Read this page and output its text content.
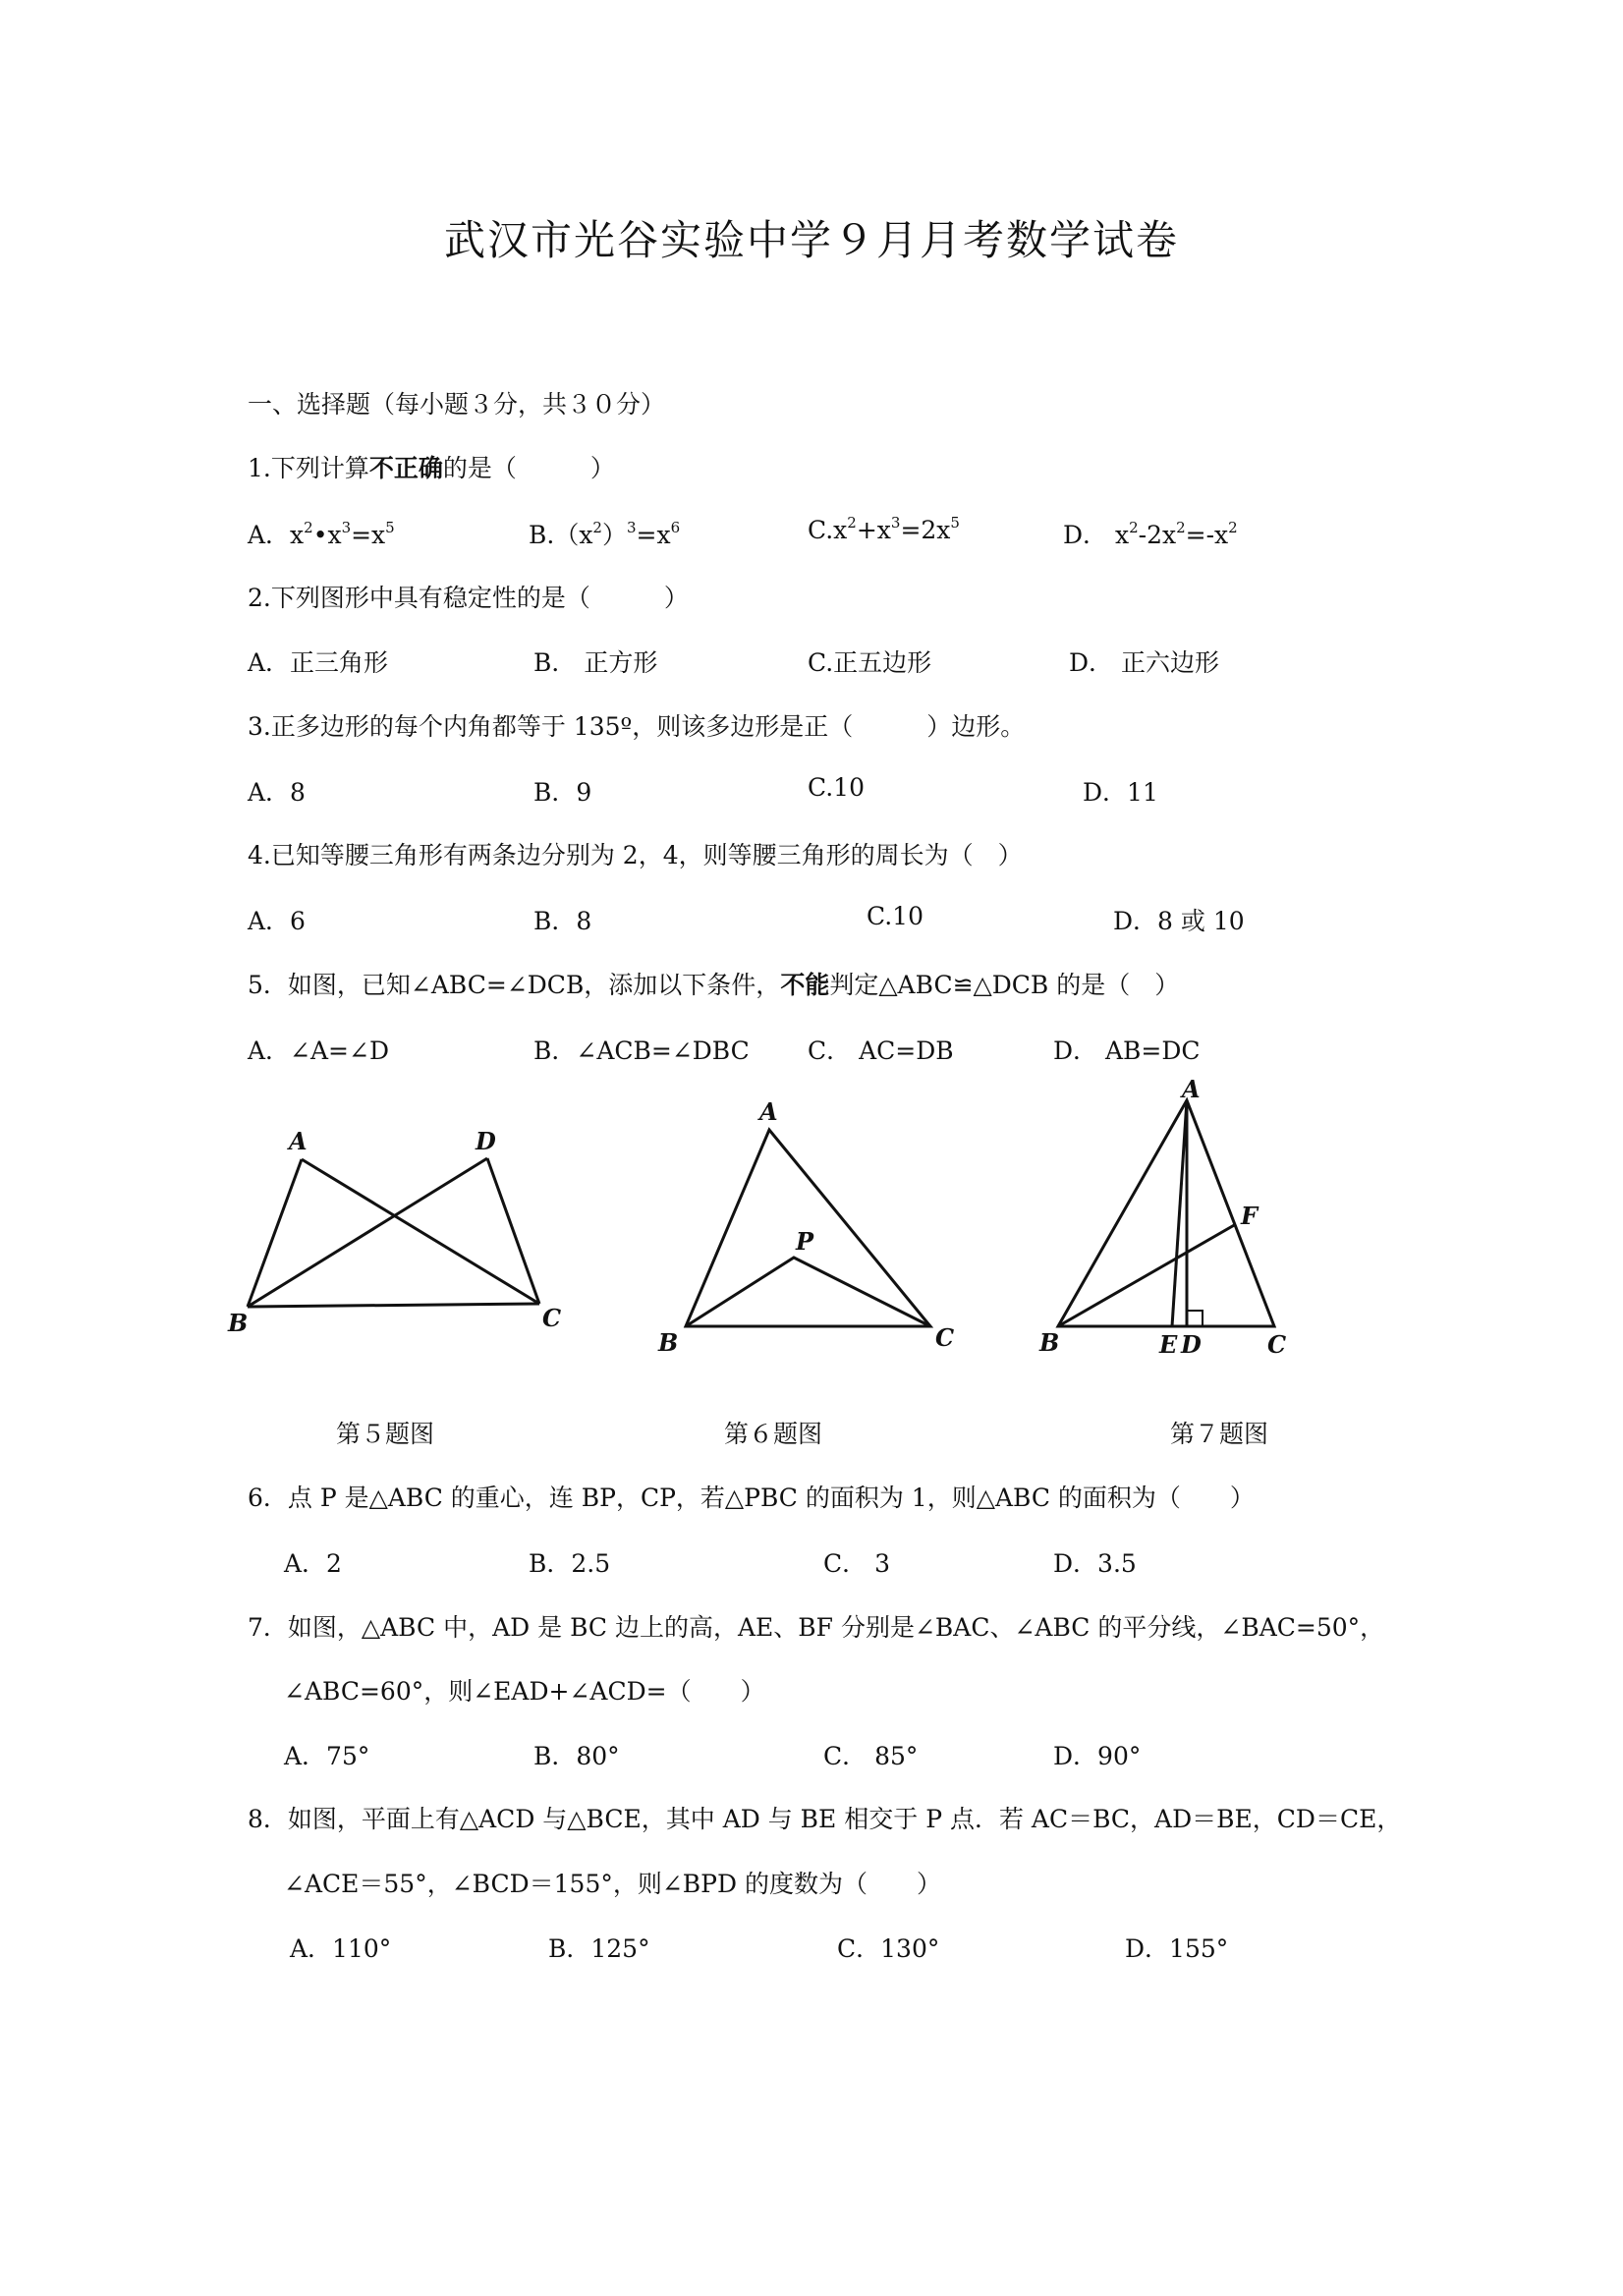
武汉市光谷实验中学９月月考数学试卷
一、选择题（每小题３分，共３０分）
1.下列计算不正确的是（　　　）
A．$x^2•x^3=x^5$	$B.(x^2)^3=x^6$	$C.x^2+x^3=2x^5$	D． $x^2-2x^2=-x^2$
2.下列图形中具有稳定性的是（　　　）
A．正三角形	B． 正方形	C.正五边形	D． 正六边形
3.正多边形的每个内角都等于 135º，则该多边形是正（　　　）边形。
A．8	B．9	C.10	D．11
4.已知等腰三角形有两条边分别为 2，4，则等腰三角形的周长为（　）
A．6	B．8	C.10	D．8 或 10
5．如图，已知∠ABC=∠DCB，添加以下条件，不能判定△ABC≌△DCB 的是（　）
A．∠A=∠D	B．∠ACB=∠DBC C． AC=DB	D． AB=DC
A	D
B	C
第５题图
A
P
B	C
第６题图
A
F
B	E D	C
第７题图
6．点 P 是△ABC 的重心，连 BP，CP，若△PBC 的面积为 1，则△ABC 的面积为（　　）
A．2	B．2.5	C． 3	D．3.5
7．如图，△ABC 中，AD 是 BC 边上的高，AE、BF 分别是∠BAC、∠ABC 的平分线，∠BAC=50°，
∠ABC=60°，则∠EAD+∠ACD=（　　）
A．75°	B．80°	C． 85°	D．90°
8．如图，平面上有△ACD 与△BCE，其中 AD 与 BE 相交于 P 点．若 AC＝BC，AD＝BE，CD＝CE，
∠ACE＝55°，∠BCD＝155°，则∠BPD 的度数为（　　）
A．110°	B．125°	C．130°	D．155°
